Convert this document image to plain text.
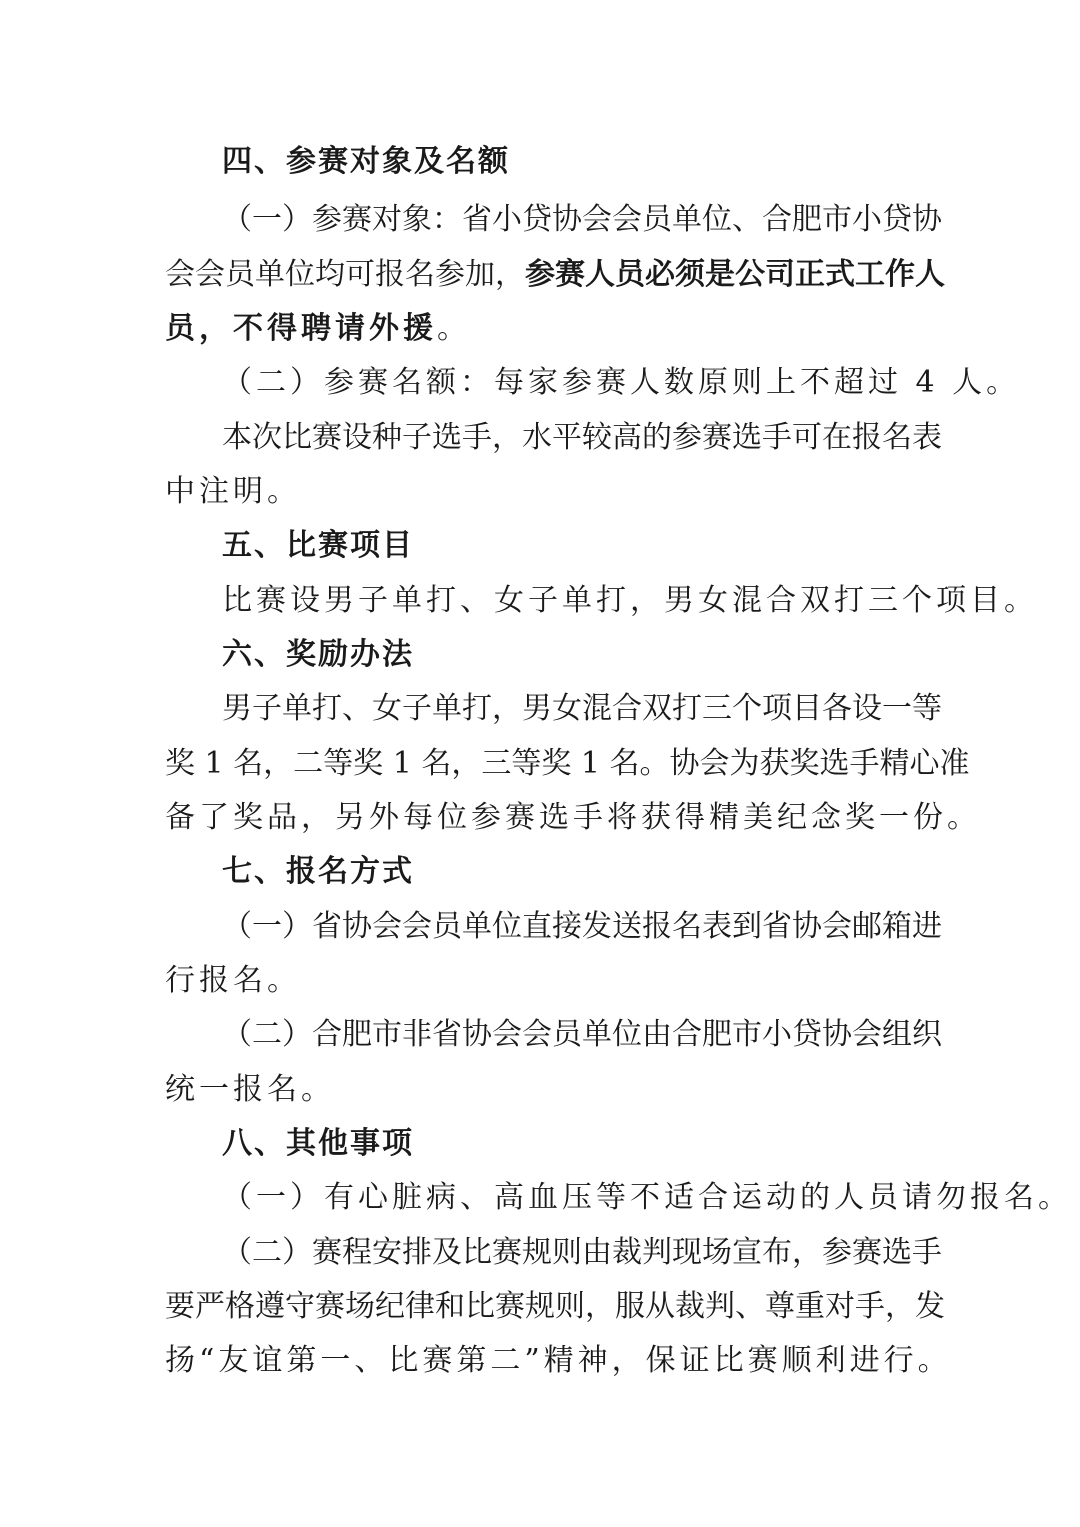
四、参赛对象及名额
（一）参赛对象：省小贷协会会员单位、合肥市小贷协
会会员单位均可报名参加，参赛人员必须是公司正式工作人
员，不得聘请外援。
（二）参赛名额：每家参赛人数原则上不超过 4 人。
本次比赛设种子选手，水平较高的参赛选手可在报名表
中注明。
五、比赛项目
比赛设男子单打、女子单打，男女混合双打三个项目。
六、奖励办法
男子单打、女子单打，男女混合双打三个项目各设一等
奖 1 名，二等奖 1 名，三等奖 1 名。协会为获奖选手精心准
备了奖品，另外每位参赛选手将获得精美纪念奖一份。
七、报名方式
（一）省协会会员单位直接发送报名表到省协会邮箱进
行报名。
（二）合肥市非省协会会员单位由合肥市小贷协会组织
统一报名。
八、其他事项
（一）有心脏病、高血压等不适合运动的人员请勿报名。
（二）赛程安排及比赛规则由裁判现场宣布，参赛选手
要严格遵守赛场纪律和比赛规则，服从裁判、尊重对手，发
扬“友谊第一、比赛第二”精神，保证比赛顺利进行。
